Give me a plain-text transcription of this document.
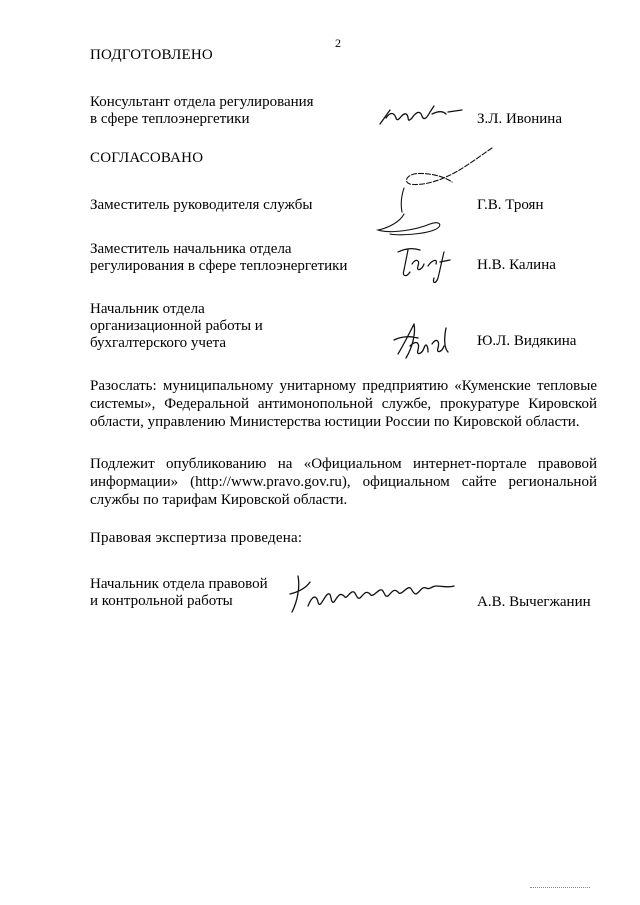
2
ПОДГОТОВЛЕНО
Консультант отдела регулирования
в сфере теплоэнергетики	З.Л. Ивонина
СОГЛАСОВАНО
Заместитель руководителя службы	Г.В. Троян
Заместитель начальника отдела
регулирования в сфере теплоэнергетики	Н.В. Калина
Начальник отдела
организационной работы и
бухгалтерского учета	Ю.Л. Видякина
Разослать: муниципальному унитарному предприятию «Куменские тепловые системы», Федеральной антимонопольной службе, прокуратуре Кировской области, управлению Министерства юстиции России по Кировской области.
Подлежит опубликованию на «Официальном интернет-портале правовой информации» (http://www.pravo.gov.ru), официальном сайте региональной службы по тарифам Кировской области.
Правовая экспертиза проведена:
Начальник отдела правовой
и контрольной работы	А.В. Вычегжанин
